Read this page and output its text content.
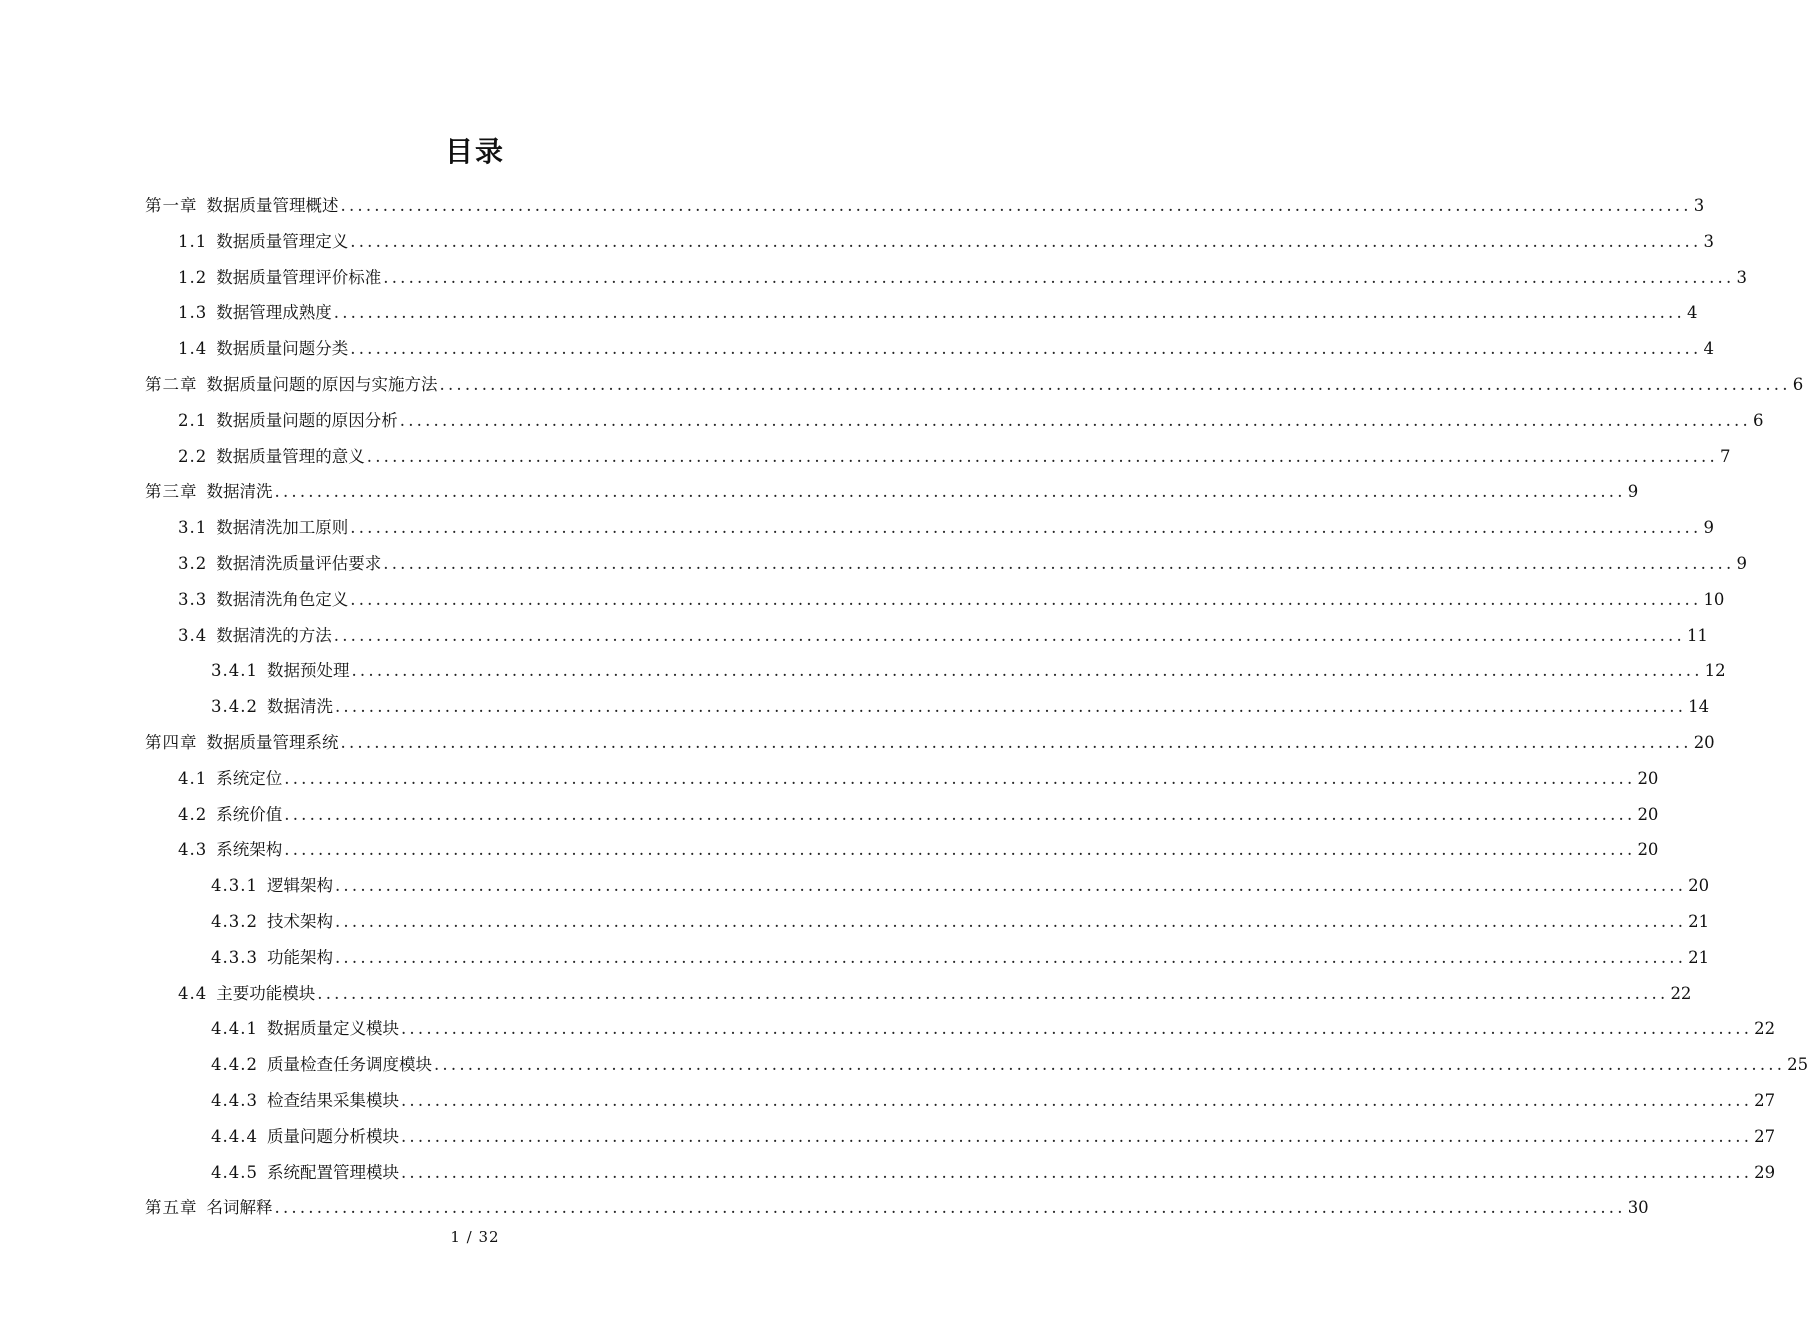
目录
第一章 数据质量管理概述 ................................................................................................................................................................ 3
1.1 数据质量管理定义 ................................................................................................................................................................ 3
1.2 数据质量管理评价标准 ................................................................................................................................................................ 3
1.3 数据管理成熟度 ................................................................................................................................................................ 4
1.4 数据质量问题分类 ................................................................................................................................................................ 4
第二章 数据质量问题的原因与实施方法 ................................................................................................................................................................ 6
2.1 数据质量问题的原因分析 ................................................................................................................................................................ 6
2.2 数据质量管理的意义 ................................................................................................................................................................ 7
第三章 数据清洗 ................................................................................................................................................................ 9
3.1 数据清洗加工原则 ................................................................................................................................................................ 9
3.2 数据清洗质量评估要求 ................................................................................................................................................................ 9
3.3 数据清洗角色定义 ................................................................................................................................................................ 10
3.4 数据清洗的方法 ................................................................................................................................................................ 11
3.4.1 数据预处理 ................................................................................................................................................................ 12
3.4.2 数据清洗 ................................................................................................................................................................ 14
第四章 数据质量管理系统 ................................................................................................................................................................ 20
4.1 系统定位 ................................................................................................................................................................ 20
4.2 系统价值 ................................................................................................................................................................ 20
4.3 系统架构 ................................................................................................................................................................ 20
4.3.1 逻辑架构 ................................................................................................................................................................ 20
4.3.2 技术架构 ................................................................................................................................................................ 21
4.3.3 功能架构 ................................................................................................................................................................ 21
4.4 主要功能模块 ................................................................................................................................................................ 22
4.4.1 数据质量定义模块 ................................................................................................................................................................ 22
4.4.2 质量检查任务调度模块 ................................................................................................................................................................ 25
4.4.3 检查结果采集模块 ................................................................................................................................................................ 27
4.4.4 质量问题分析模块 ................................................................................................................................................................ 27
4.4.5 系统配置管理模块 ................................................................................................................................................................ 29
第五章 名词解释 ................................................................................................................................................................ 30
1 / 32
